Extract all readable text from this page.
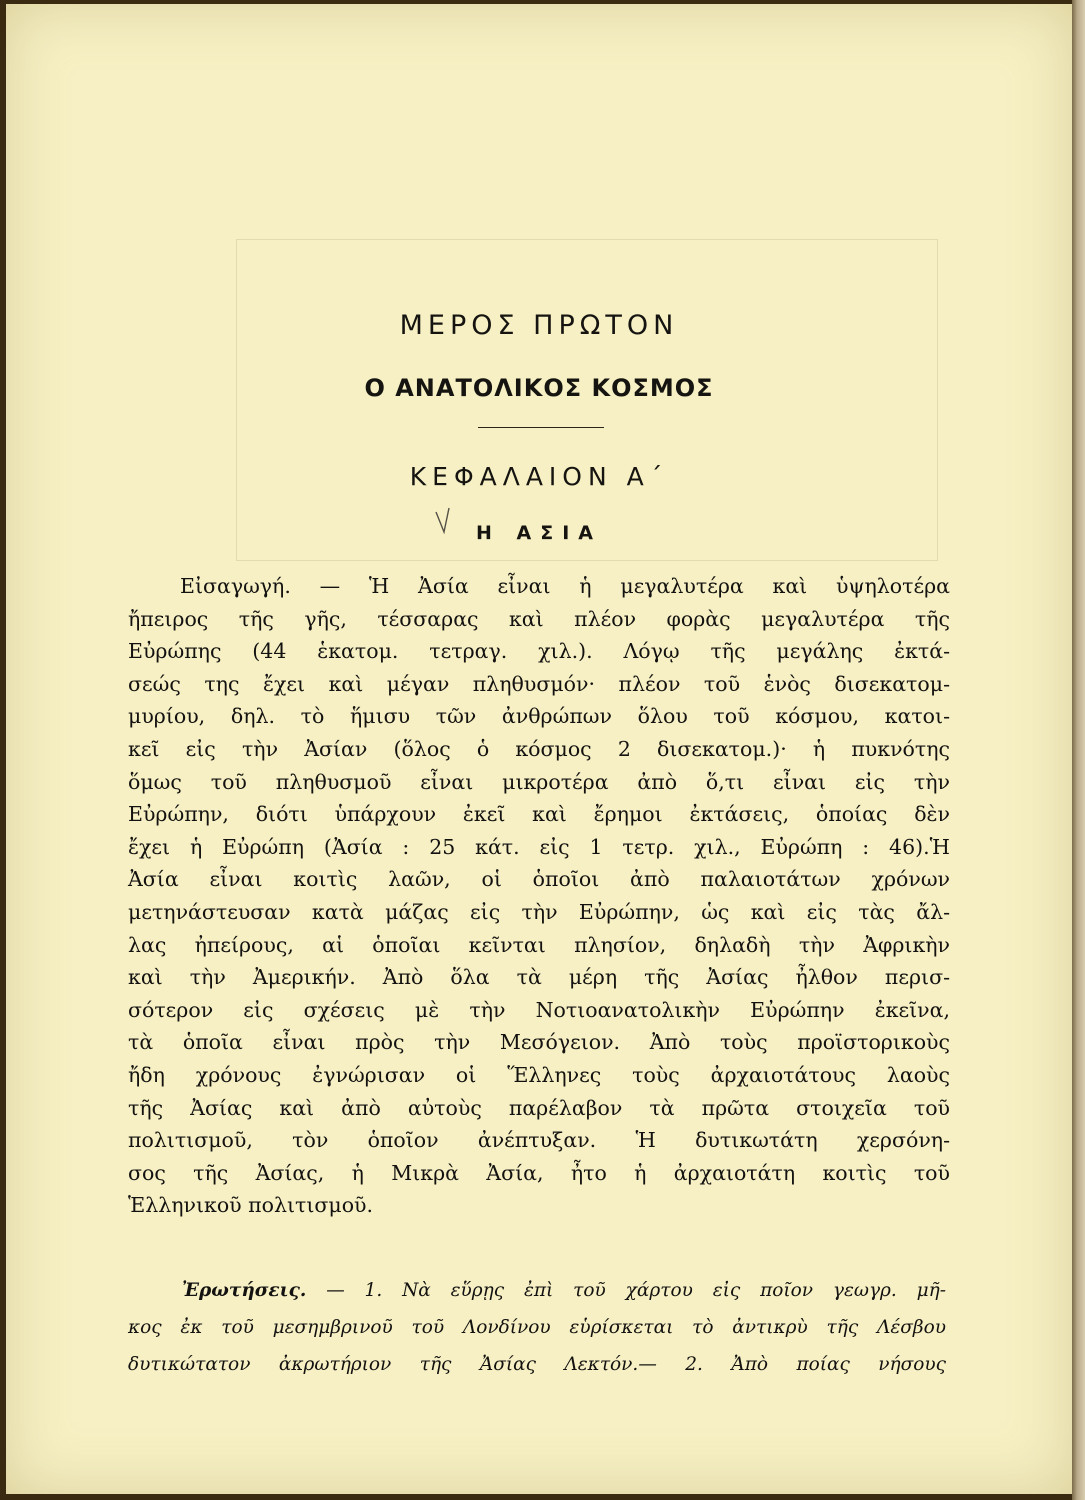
ΜΕΡΟΣ ΠΡΩΤΟΝ
Ο ΑΝΑΤΟΛΙΚΟΣ ΚΟΣΜΟΣ
ΚΕΦΑΛΑΙΟΝ Α΄
Η ΑΣΙΑ
Εἰσαγωγή. — Ἡ Ἀσία εἶναι ἡ μεγαλυτέρα καὶ ὑψηλοτέρα
ἤπειρος τῆς γῆς, τέσσαρας καὶ πλέον φορὰς μεγαλυτέρα τῆς
Εὐρώπης (44 ἑκατομ. τετραγ. χιλ.). Λόγῳ τῆς μεγάλης ἐκτά-
σεώς της ἔχει καὶ μέγαν πληθυσμόν· πλέον τοῦ ἑνὸς δισεκατομ-
μυρίου, δηλ. τὸ ἥμισυ τῶν ἀνθρώπων ὅλου τοῦ κόσμου, κατοι-
κεῖ εἰς τὴν Ἀσίαν (ὅλος ὁ κόσμος 2 δισεκατομ.)· ἡ πυκνότης
ὅμως τοῦ πληθυσμοῦ εἶναι μικροτέρα ἀπὸ ὅ,τι εἶναι εἰς τὴν
Εὐρώπην, διότι ὑπάρχουν ἐκεῖ καὶ ἔρημοι ἐκτάσεις, ὁποίας δὲν
ἔχει ἡ Εὐρώπη (Ἀσία : 25 κάτ. εἰς 1 τετρ. χιλ., Εὐρώπη : 46).Ἡ
Ἀσία εἶναι κοιτὶς λαῶν, οἱ ὁποῖοι ἀπὸ παλαιοτάτων χρόνων
μετηνάστευσαν κατὰ μάζας εἰς τὴν Εὐρώπην, ὡς καὶ εἰς τὰς ἄλ-
λας ἠπείρους, αἱ ὁποῖαι κεῖνται πλησίον, δηλαδὴ τὴν Ἀφρικὴν
καὶ τὴν Ἀμερικήν. Ἀπὸ ὅλα τὰ μέρη τῆς Ἀσίας ἦλθον περισ-
σότερον εἰς σχέσεις μὲ τὴν Νοτιοανατολικὴν Εὐρώπην ἐκεῖνα,
τὰ ὁποῖα εἶναι πρὸς τὴν Μεσόγειον. Ἀπὸ τοὺς προϊστορικοὺς
ἤδη χρόνους ἐγνώρισαν οἱ Ἕλληνες τοὺς ἀρχαιοτάτους λαοὺς
τῆς Ἀσίας καὶ ἀπὸ αὐτοὺς παρέλαβον τὰ πρῶτα στοιχεῖα τοῦ
πολιτισμοῦ, τὸν ὁποῖον ἀνέπτυξαν. Ἡ δυτικωτάτη χερσόνη-
σος τῆς Ἀσίας, ἡ Μικρὰ Ἀσία, ἦτο ἡ ἀρχαιοτάτη κοιτὶς τοῦ
Ἑλληνικοῦ πολιτισμοῦ.
Ἐρωτήσεις. — 1. Νὰ εὕρῃς ἐπὶ τοῦ χάρτου εἰς ποῖον γεωγρ. μῆ-
κος ἐκ τοῦ μεσημβρινοῦ τοῦ Λονδίνου εὑρίσκεται τὸ ἀντικρὺ τῆς Λέσβου
δυτικώτατον ἀκρωτήριον τῆς Ἀσίας Λεκτόν.— 2. Ἀπὸ ποίας νήσους
